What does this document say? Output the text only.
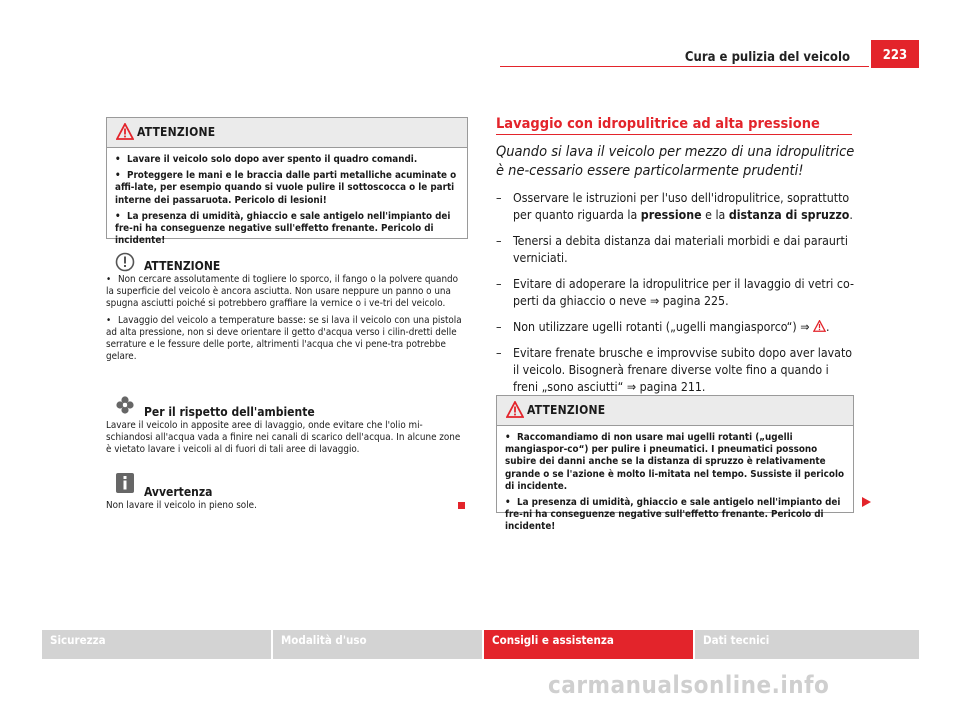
Cura e pulizia del veicolo	223
ATTENZIONE

• Lavare il veicolo solo dopo aver spento il quadro comandi.

• Proteggere le mani e le braccia dalle parti metalliche acuminate o affi-late, per esempio quando si vuole pulire il sottoscocca o le parti interne dei passaruota. Pericolo di lesioni!

• La presenza di umidità, ghiaccio e sale antigelo nell'impianto dei fre-ni ha conseguenze negative sull'effetto frenante. Pericolo di incidente!

ATTENZIONE

• Non cercare assolutamente di togliere lo sporco, il fango o la polvere quando la superficie del veicolo è ancora asciutta. Non usare neppure un panno o una spugna asciutti poiché si potrebbero graffiare la vernice o i ve-tri del veicolo.

• Lavaggio del veicolo a temperature basse: se si lava il veicolo con una pistola ad alta pressione, non si deve orientare il getto d'acqua verso i cilin-dretti delle serrature e le fessure delle porte, altrimenti l'acqua che vi pene-tra potrebbe gelare.

Per il rispetto dell'ambiente

Lavare il veicolo in apposite aree di lavaggio, onde evitare che l'olio mi-schiandosi all'acqua vada a finire nei canali di scarico dell'acqua. In alcune zone è vietato lavare i veicoli al di fuori di tali aree di lavaggio.

Avvertenza
Non lavare il veicolo in pieno sole.
Lavaggio con idropulitrice ad alta pressione
Quando si lava il veicolo per mezzo di una idropulitrice è ne-cessario essere particolarmente prudenti!
– Osservare le istruzioni per l'uso dell'idropulitrice, soprattutto per quanto riguarda la pressione e la distanza di spruzzo.
– Tenersi a debita distanza dai materiali morbidi e dai paraurti verniciati.
– Evitare di adoperare la idropulitrice per il lavaggio di vetri co-perti da ghiaccio o neve ⇒ pagina 225.
– Non utilizzare ugelli rotanti („ugelli mangiasporco“) ⇒ .
– Evitare frenate brusche e improvvise subito dopo aver lavato il veicolo. Bisognerà frenare diverse volte fino a quando i freni „sono asciutti“ ⇒ pagina 211.
ATTENZIONE

• Raccomandiamo di non usare mai ugelli rotanti („ugelli mangiaspor-co“) per pulire i pneumatici. I pneumatici possono subire dei danni anche se la distanza di spruzzo è relativamente grande o se l'azione è molto li-mitata nel tempo. Sussiste il pericolo di incidente.

• La presenza di umidità, ghiaccio e sale antigelo nell'impianto dei fre-ni ha conseguenze negative sull'effetto frenante. Pericolo di incidente!

Sicurezza	Modalità d'uso	Consigli e assistenza	Dati tecnici
carmanualsonline.info
